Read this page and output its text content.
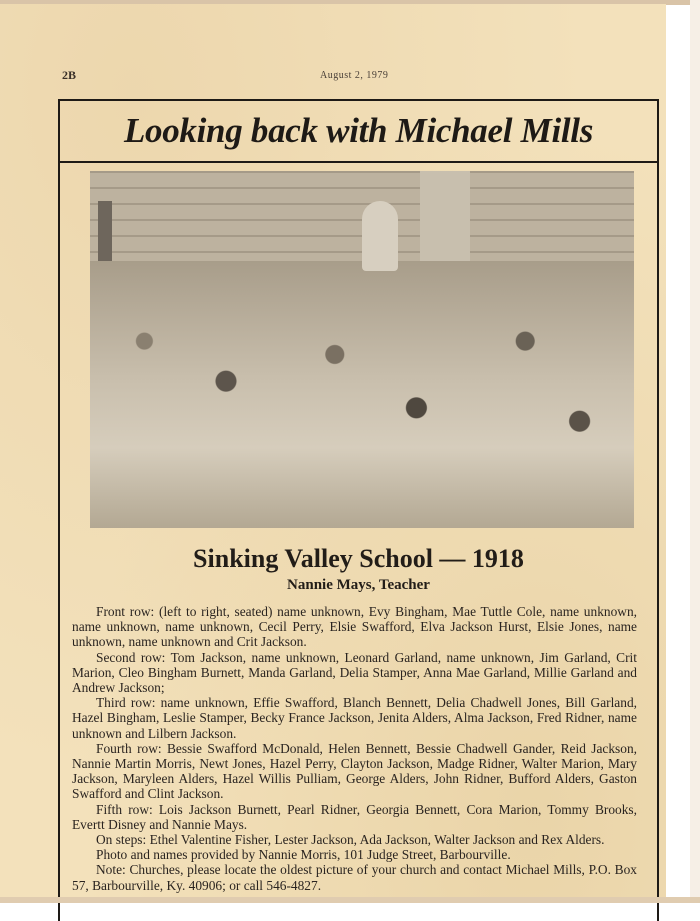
2B	August 2, 1979
Looking back with Michael Mills
Sinking Valley School — 1918
Nannie Mays, Teacher

Front row: (left to right, seated) name unknown, Evy Bingham, Mae Tuttle Cole, name unknown, name unknown, name unknown, Cecil Perry, Elsie Swafford, Elva Jackson Hurst, Elsie Jones, name unknown, name unknown and Crit Jackson.

Second row: Tom Jackson, name unknown, Leonard Garland, name unknown, Jim Garland, Crit Marion, Cleo Bingham Burnett, Manda Garland, Delia Stamper, Anna Mae Garland, Millie Garland and Andrew Jackson;

Third row: name unknown, Effie Swafford, Blanch Bennett, Delia Chadwell Jones, Bill Garland, Hazel Bingham, Leslie Stamper, Becky France Jackson, Jenita Alders, Alma Jackson, Fred Ridner, name unknown and Lilbern Jackson.

Fourth row: Bessie Swafford McDonald, Helen Bennett, Bessie Chadwell Gander, Reid Jackson, Nannie Martin Morris, Newt Jones, Hazel Perry, Clayton Jackson, Madge Ridner, Walter Marion, Mary Jackson, Maryleen Alders, Hazel Willis Pulliam, George Alders, John Ridner, Bufford Alders, Gaston Swafford and Clint Jackson.

Fifth row: Lois Jackson Burnett, Pearl Ridner, Georgia Bennett, Cora Marion, Tommy Brooks, Evertt Disney and Nannie Mays.

On steps: Ethel Valentine Fisher, Lester Jackson, Ada Jackson, Walter Jackson and Rex Alders.

Photo and names provided by Nannie Morris, 101 Judge Street, Barbourville.

Note: Churches, please locate the oldest picture of your church and contact Michael Mills, P.O. Box 57, Barbourville, Ky. 40906; or call 546-4827.
